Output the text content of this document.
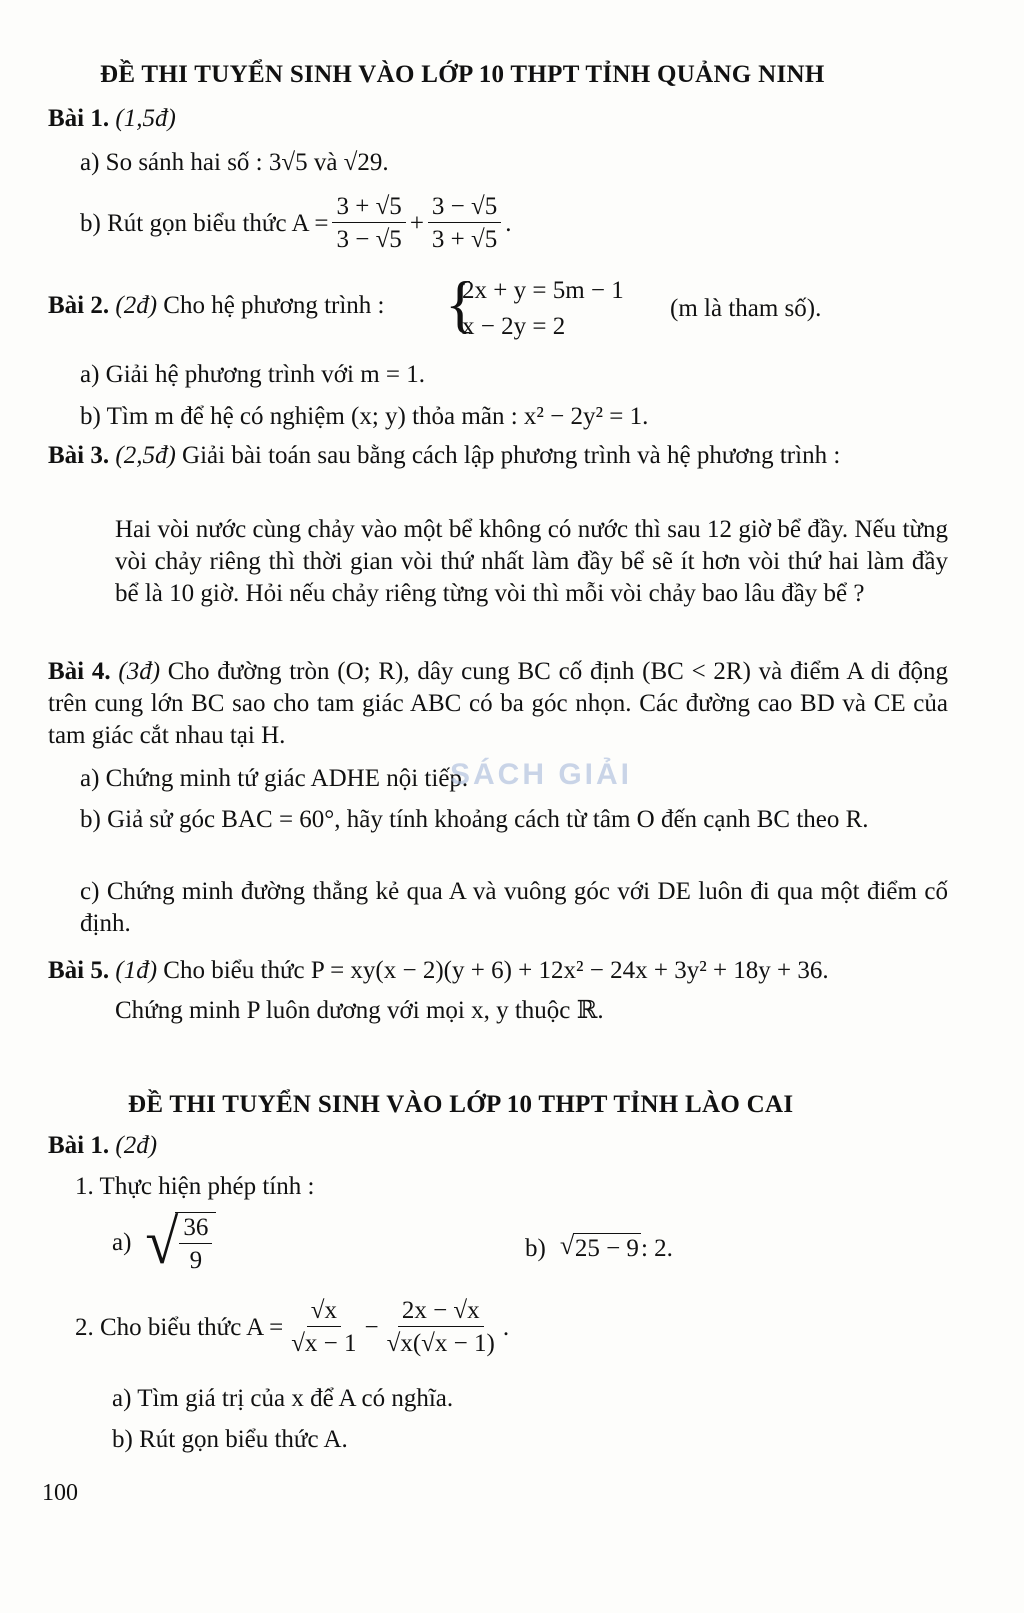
ĐỀ THI TUYỂN SINH VÀO LỚP 10 THPT TỈNH QUẢNG NINH
Bài 1. (1,5đ)
a) So sánh hai số : 3√5 và √29.
b) Rút gọn biểu thức $A = \frac{3 + √5}{3 - √5} + \frac{3 - √5}{3 + √5}$ .
Bài 2. (2đ) Cho hệ phương trình : {
2x + y = 5m − 1
x − 2y = 2
(m là tham số).
a) Giải hệ phương trình với m = 1.
b) Tìm m để hệ có nghiệm (x; y) thỏa mãn : x² − 2y² = 1.
Bài 3. (2,5đ) Giải bài toán sau bằng cách lập phương trình và hệ phương trình :
Hai vòi nước cùng chảy vào một bể không có nước thì sau 12 giờ bể đầy. Nếu từng vòi chảy riêng thì thời gian vòi thứ nhất làm đầy bể sẽ ít hơn vòi thứ hai làm đầy bể là 10 giờ. Hỏi nếu chảy riêng từng vòi thì mỗi vòi chảy bao lâu đầy bể ?
Bài 4. (3đ) Cho đường tròn (O; R), dây cung BC cố định (BC < 2R) và điểm A di động trên cung lớn BC sao cho tam giác ABC có ba góc nhọn. Các đường cao BD và CE của tam giác cắt nhau tại H.
a) Chứng minh tứ giác ADHE nội tiếp.
b) Giả sử góc BAC = 60°, hãy tính khoảng cách từ tâm O đến cạnh BC theo R.
c) Chứng minh đường thẳng kẻ qua A và vuông góc với DE luôn đi qua một điểm cố định.
Bài 5. (1đ) Cho biểu thức P = xy(x − 2)(y + 6) + 12x² − 24x + 3y² + 18y + 36.
Chứng minh P luôn dương với mọi x, y thuộc ℝ.
SÁCH GIẢI
ĐỀ THI TUYỂN SINH VÀO LỚP 10 THPT TỈNH LÀO CAI
Bài 1. (2đ)
1. Thực hiện phép tính :
a) √ $\frac{36}{9}$	b)
√	25 − 9 : 2.
2. Cho biểu thức $A = \frac{√x}{√x - 1} - \frac{2x - √x}{√x(√x - 1)}$ .
a) Tìm giá trị của x để A có nghĩa.
b) Rút gọn biểu thức A.
100
